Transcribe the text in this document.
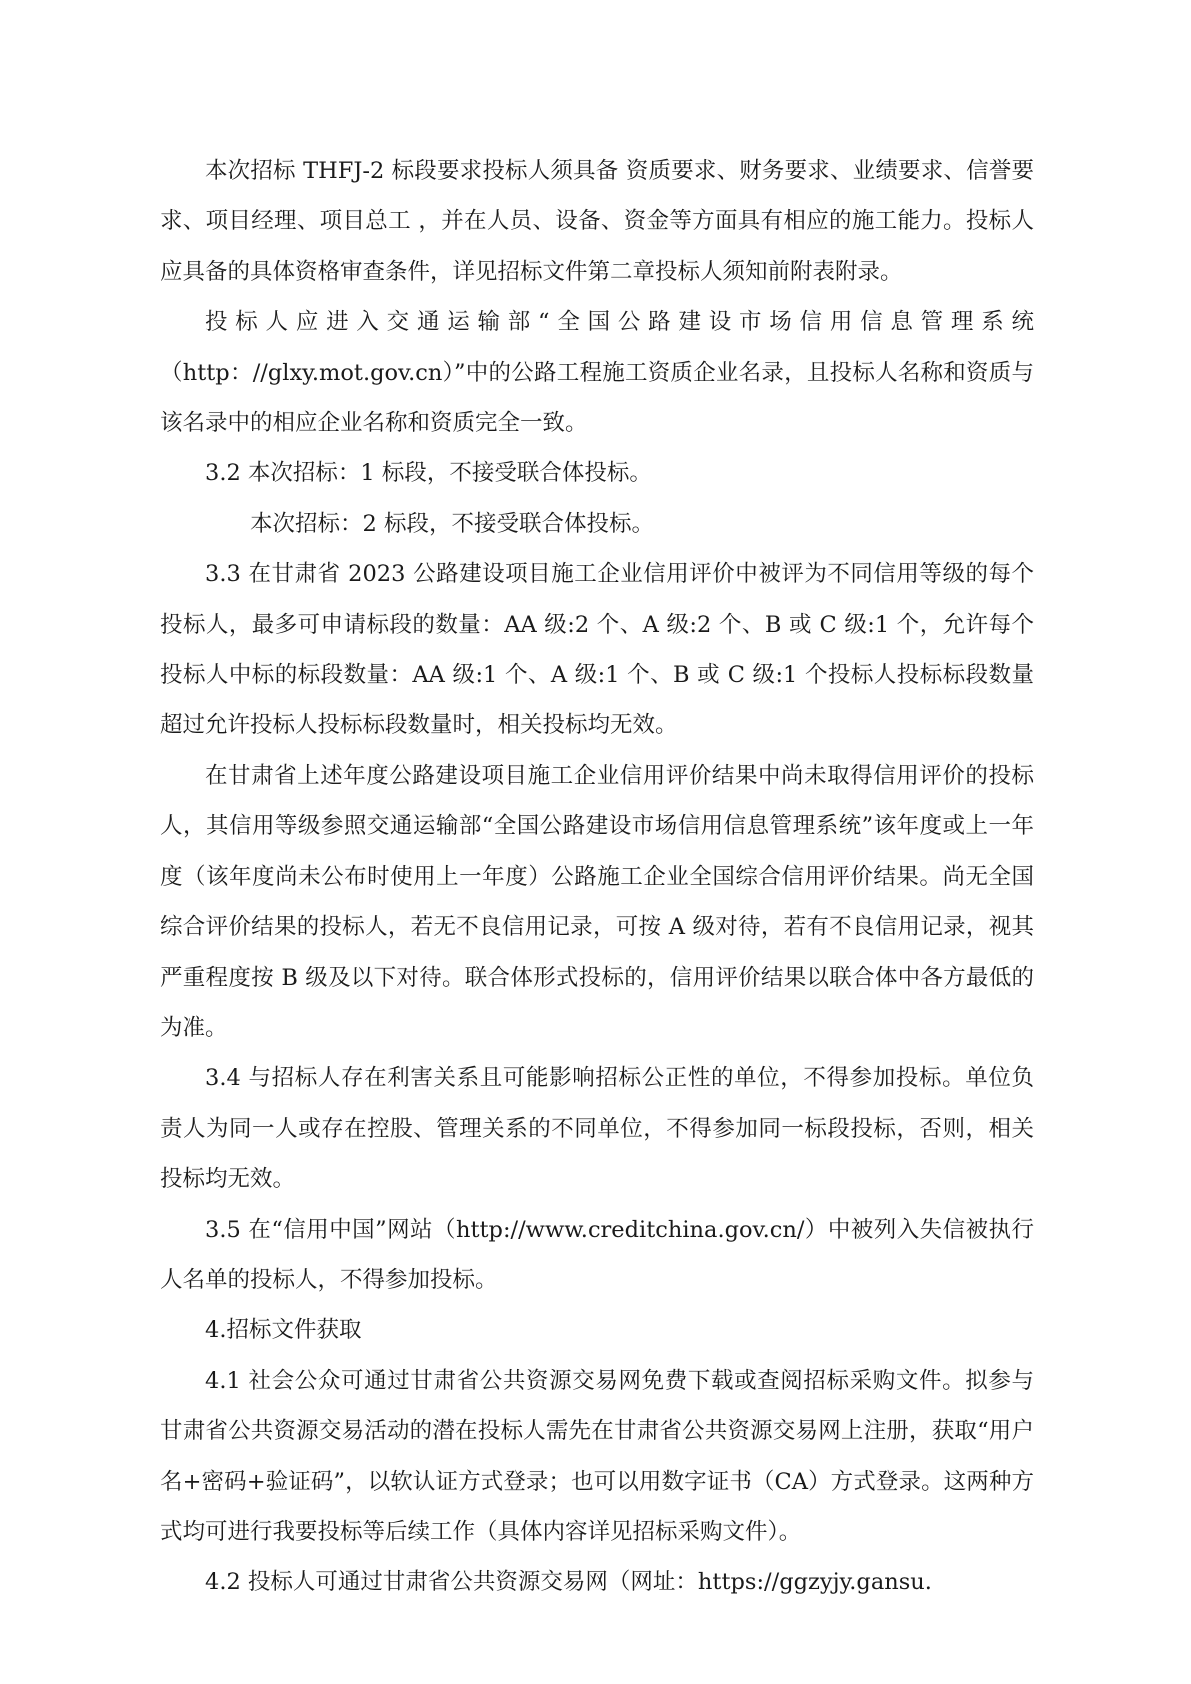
本次招标 THFJ-2 标段要求投标人须具备 资质要求、财务要求、业绩要求、信誉要求、项目经理、项目总工 ，并在人员、设备、资金等方面具有相应的施工能力。投标人应具备的具体资格审查条件，详见招标文件第二章投标人须知前附表附录。

投标人应进入交通运输部“全国公路建设市场信用信息管理系统（http：//glxy.mot.gov.cn）”中的公路工程施工资质企业名录，且投标人名称和资质与该名录中的相应企业名称和资质完全一致。

3.2 本次招标：1 标段，不接受联合体投标。

本次招标：2 标段，不接受联合体投标。

3.3 在甘肃省 2023 公路建设项目施工企业信用评价中被评为不同信用等级的每个投标人，最多可申请标段的数量：AA 级:2 个、A 级:2 个、B 或 C 级:1 个，允许每个投标人中标的标段数量：AA 级:1 个、A 级:1 个、B 或 C 级:1 个投标人投标标段数量超过允许投标人投标标段数量时，相关投标均无效。

在甘肃省上述年度公路建设项目施工企业信用评价结果中尚未取得信用评价的投标人，其信用等级参照交通运输部“全国公路建设市场信用信息管理系统”该年度或上一年度（该年度尚未公布时使用上一年度）公路施工企业全国综合信用评价结果。尚无全国综合评价结果的投标人，若无不良信用记录，可按 A 级对待，若有不良信用记录，视其严重程度按 B 级及以下对待。联合体形式投标的，信用评价结果以联合体中各方最低的为准。

3.4 与招标人存在利害关系且可能影响招标公正性的单位，不得参加投标。单位负责人为同一人或存在控股、管理关系的不同单位，不得参加同一标段投标，否则，相关投标均无效。

3.5 在“信用中国”网站（http://www.creditchina.gov.cn/）中被列入失信被执行人名单的投标人，不得参加投标。

4.招标文件获取

4.1 社会公众可通过甘肃省公共资源交易网免费下载或查阅招标采购文件。拟参与甘肃省公共资源交易活动的潜在投标人需先在甘肃省公共资源交易网上注册，获取“用户名+密码+验证码”，以软认证方式登录；也可以用数字证书（CA）方式登录。这两种方式均可进行我要投标等后续工作（具体内容详见招标采购文件）。

4.2 投标人可通过甘肃省公共资源交易网（网址：https://ggzyjy.gansu.
